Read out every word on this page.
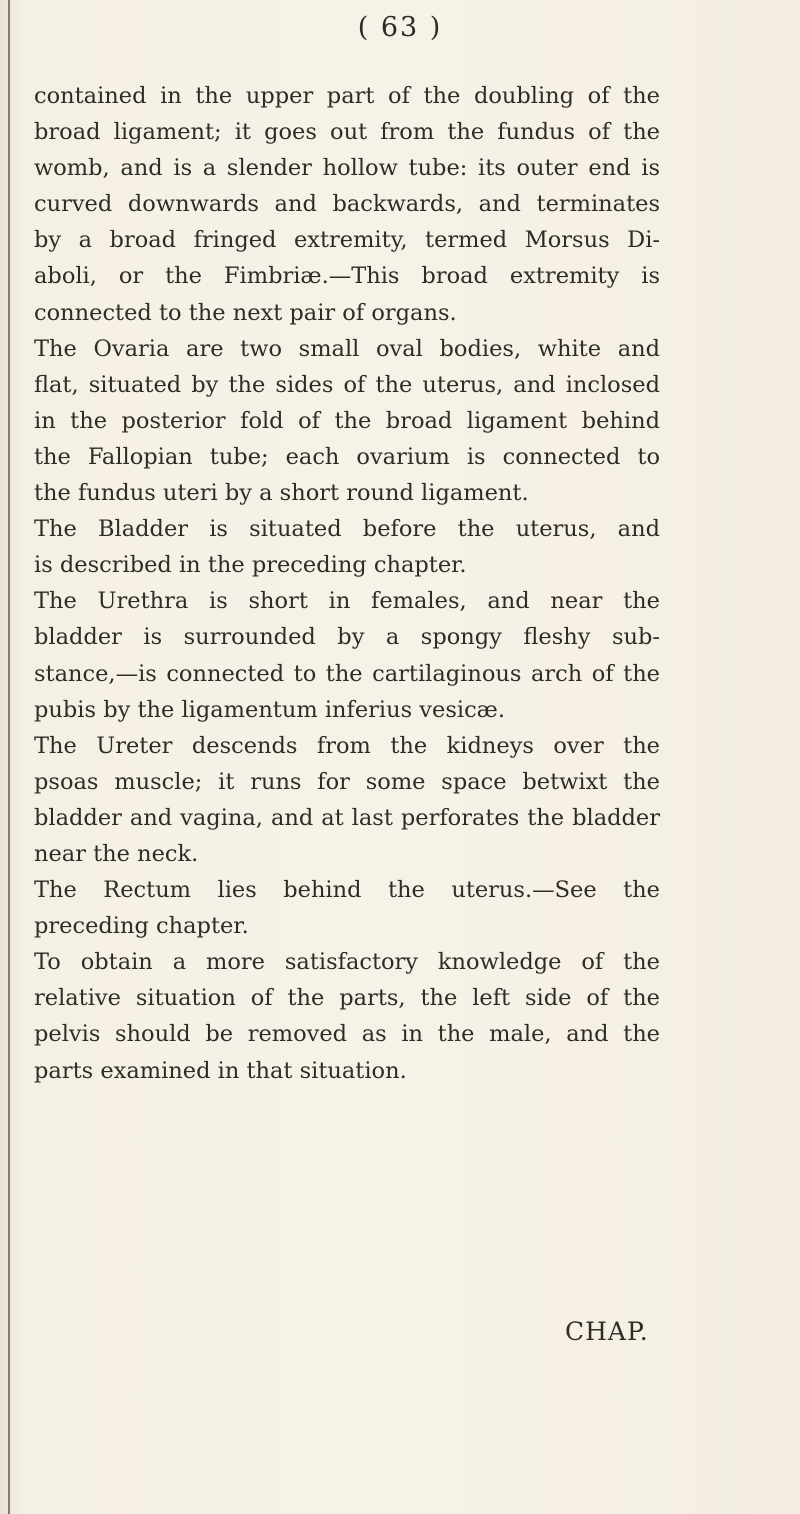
( 63 )
contained in the upper part of the doubling of the
broad ligament; it goes out from the fundus of the
womb, and is a slender hollow tube: its outer end is
curved downwards and backwards, and terminates
by a broad fringed extremity, termed Morsus Di-
aboli, or the Fimbriæ.—This broad extremity is
connected to the next pair of organs.
The Ovaria are two small oval bodies, white and
flat, situated by the sides of the uterus, and inclosed
in the posterior fold of the broad ligament behind
the Fallopian tube; each ovarium is connected to
the fundus uteri by a short round ligament.
The Bladder is situated before the uterus, and
is described in the preceding chapter.
The Urethra is short in females, and near the
bladder is surrounded by a spongy fleshy sub-
stance,—is connected to the cartilaginous arch of the
pubis by the ligamentum inferius vesicæ.
The Ureter descends from the kidneys over the
psoas muscle; it runs for some space betwixt the
bladder and vagina, and at last perforates the bladder
near the neck.
The Rectum lies behind the uterus.—See the
preceding chapter.
To obtain a more satisfactory knowledge of the
relative situation of the parts, the left side of the
pelvis should be removed as in the male, and the
parts examined in that situation.
CHAP.
